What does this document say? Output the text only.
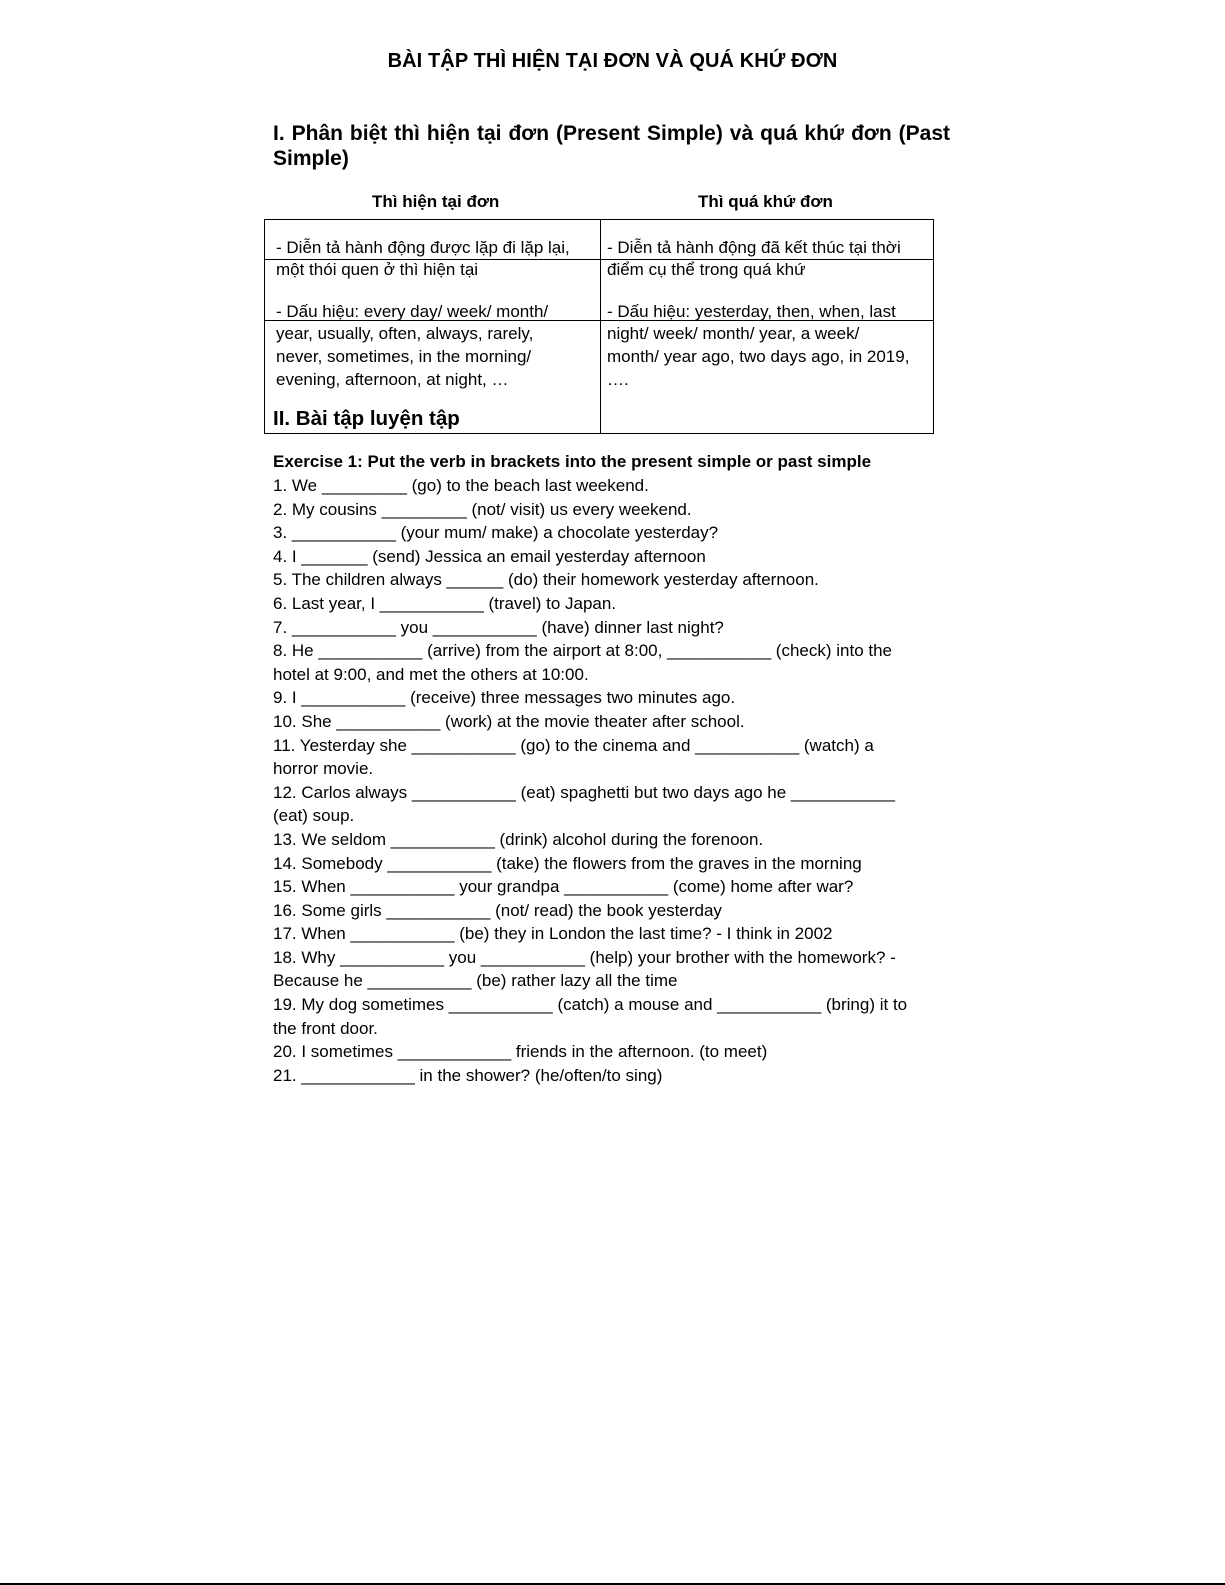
BÀI TẬP THÌ HIỆN TẠI ĐƠN VÀ QUÁ KHỨ ĐƠN
I. Phân biệt thì hiện tại đơn (Present Simple) và quá khứ đơn (Past Simple)
Thì hiện tại đơn	Thì quá khứ đơn
- Diễn tả hành động được lặp đi lặp lại,
một thói quen ở thì hiện tại
- Dấu hiệu: every day/ week/ month/
year, usually, often, always, rarely,
never, sometimes, in the morning/
evening, afternoon, at night, …
- Diễn tả hành động đã kết thúc tại thời
điểm cụ thể trong quá khứ
- Dấu hiệu: yesterday, then, when, last
night/ week/ month/ year, a week/
month/ year ago, two days ago, in 2019,
….
II. Bài tập luyện tập
Exercise 1: Put the verb in brackets into the present simple or past simple
1. We _________ (go) to the beach last weekend.
2. My cousins _________ (not/ visit) us every weekend.
3. ___________ (your mum/ make) a chocolate yesterday?
4. I _______ (send) Jessica an email yesterday afternoon
5. The children always ______ (do) their homework yesterday afternoon.
6. Last year, I ___________ (travel) to Japan.
7. ___________ you ___________ (have) dinner last night?
8. He ___________ (arrive) from the airport at 8:00, ___________ (check) into the
hotel at 9:00, and met the others at 10:00.
9. I ___________ (receive) three messages two minutes ago.
10. She ___________ (work) at the movie theater after school.
11. Yesterday she ___________ (go) to the cinema and ___________ (watch) a
horror movie.
12. Carlos always ___________ (eat) spaghetti but two days ago he ___________
(eat) soup.
13. We seldom ___________ (drink) alcohol during the forenoon.
14. Somebody ___________ (take) the flowers from the graves in the morning
15. When ___________ your grandpa ___________ (come) home after war?
16. Some girls ___________ (not/ read) the book yesterday
17. When ___________ (be) they in London the last time? - I think in 2002
18. Why ___________ you ___________ (help) your brother with the homework? -
Because he ___________ (be) rather lazy all the time
19. My dog sometimes ___________ (catch) a mouse and ___________ (bring) it to
the front door.
20. I sometimes ____________ friends in the afternoon. (to meet)
21. ____________ in the shower? (he/often/to sing)
